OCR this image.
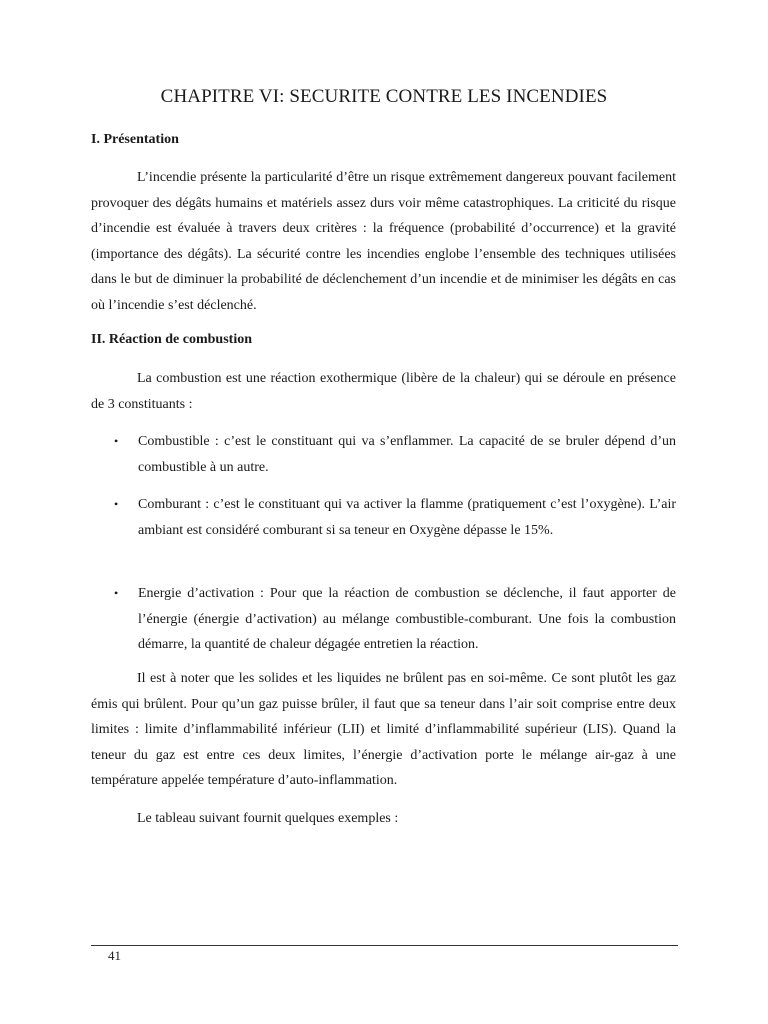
CHAPITRE VI: SECURITE CONTRE LES INCENDIES
I. Présentation

L’incendie présente la particularité d’être un risque extrêmement dangereux pouvant facilement provoquer des dégâts humains et matériels assez durs voir même catastrophiques. La criticité du risque d’incendie est évaluée à travers deux critères : la fréquence (probabilité d’occurrence) et la gravité (importance des dégâts). La sécurité contre les incendies englobe l’ensemble des techniques utilisées dans le but de diminuer la probabilité de déclenchement d’un incendie et de minimiser les dégâts en cas où l’incendie s’est déclenché.

II. Réaction de combustion

La combustion est une réaction exothermique (libère de la chaleur) qui se déroule en présence de 3 constituants :

•	Combustible : c’est le constituant qui va s’enflammer. La capacité de se bruler dépend d’un combustible à un autre.
•	Comburant : c’est le constituant qui va activer la flamme (pratiquement c’est l’oxygène). L’air ambiant est considéré comburant si sa teneur en Oxygène dépasse le 15%.
•	Energie d’activation : Pour que la réaction de combustion se déclenche, il faut apporter de l’énergie (énergie d’activation) au mélange combustible-comburant. Une fois la combustion démarre, la quantité de chaleur dégagée entretien la réaction.

Il est à noter que les solides et les liquides ne brûlent pas en soi-même. Ce sont plutôt les gaz émis qui brûlent. Pour qu’un gaz puisse brûler, il faut que sa teneur dans l’air soit comprise entre deux limites : limite d’inflammabilité inférieur (LII) et limité d’inflammabilité supérieur (LIS). Quand la teneur du gaz est entre ces deux limites, l’énergie d’activation porte le mélange air-gaz à une température appelée température d’auto-inflammation.

Le tableau suivant fournit quelques exemples :

41
